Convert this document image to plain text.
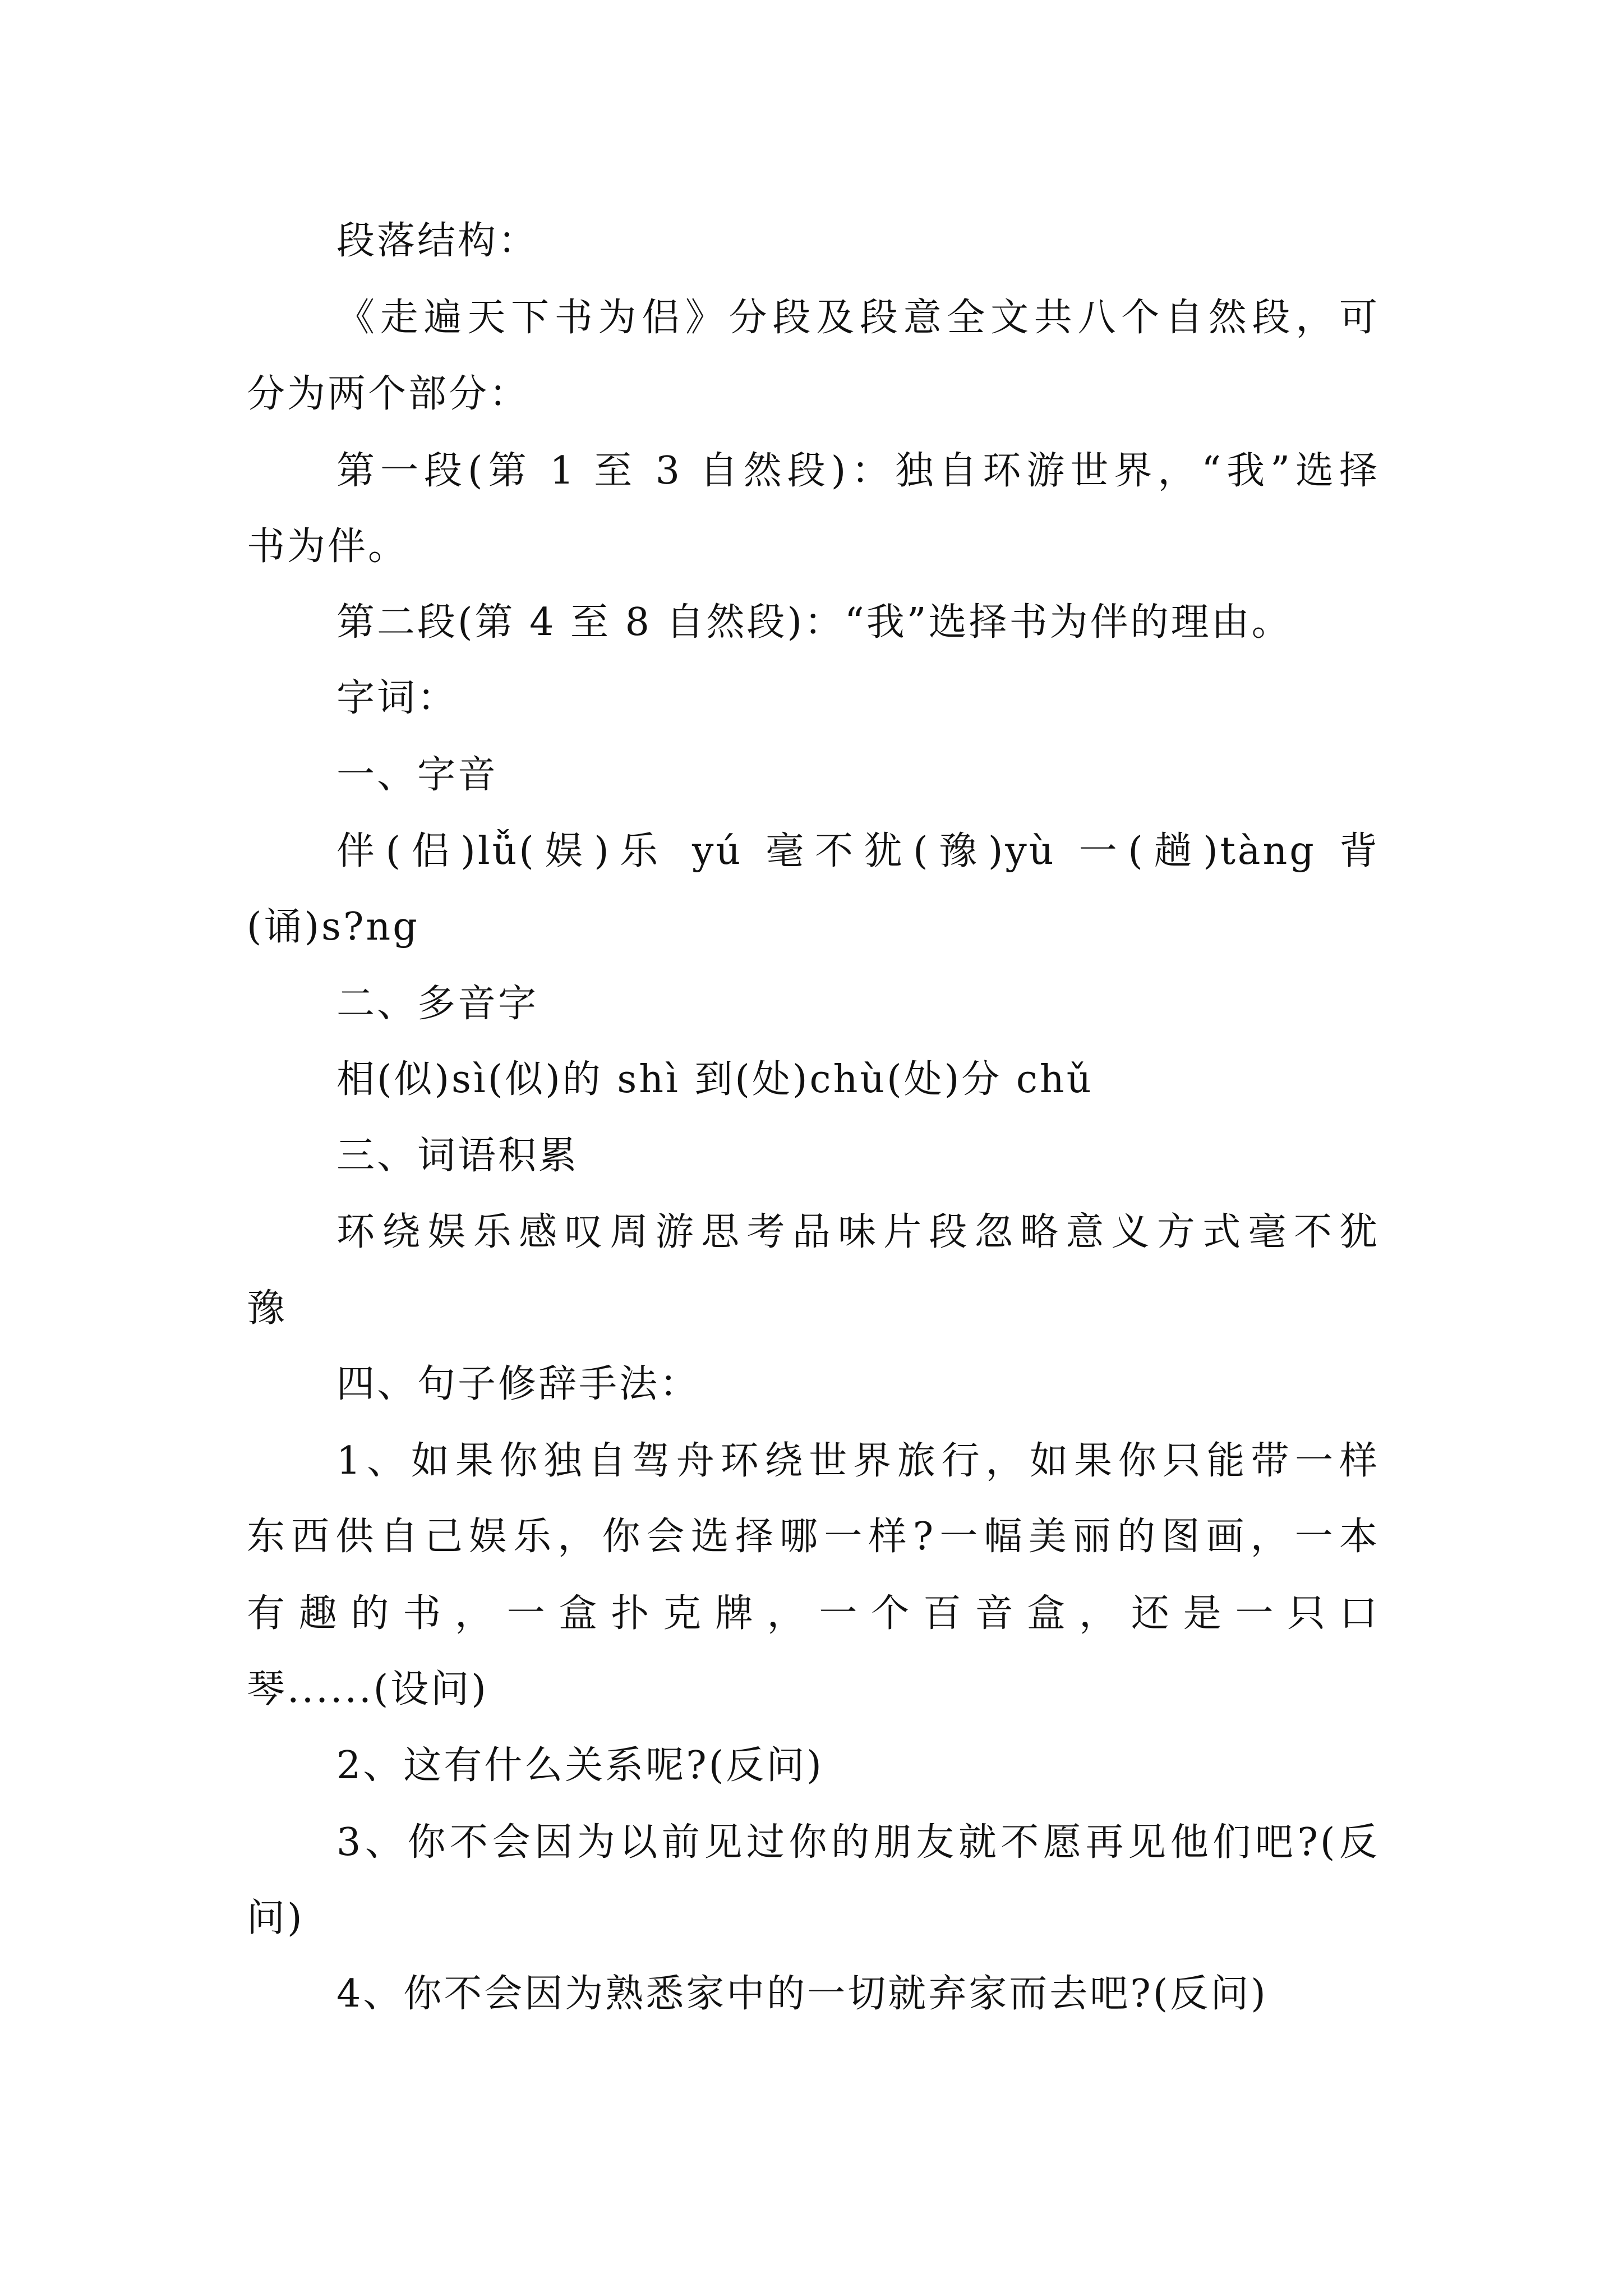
段落结构：
《走遍天下书为侣》分段及段意全文共八个自然段，可
分为两个部分：
第一段(第 1 至 3 自然段)：独自环游世界，“我”选择
书为伴。
第二段(第 4 至 8 自然段)：“我”选择书为伴的理由。
字词：
一、字音
伴(侣)lǚ(娱)乐 yú 毫不犹(豫)yù 一(趟)tàng 背
(诵)s?ng
二、多音字
相(似)sì(似)的 shì 到(处)chù(处)分 chǔ
三、词语积累
环绕娱乐感叹周游思考品味片段忽略意义方式毫不犹
豫
四、句子修辞手法：
1、如果你独自驾舟环绕世界旅行，如果你只能带一样
东西供自己娱乐，你会选择哪一样?一幅美丽的图画，一本
有趣的书，一盒扑克牌，一个百音盒，还是一只口
琴......(设问)
2、这有什么关系呢?(反问)
3、你不会因为以前见过你的朋友就不愿再见他们吧?(反
问)
4、你不会因为熟悉家中的一切就弃家而去吧?(反问)
